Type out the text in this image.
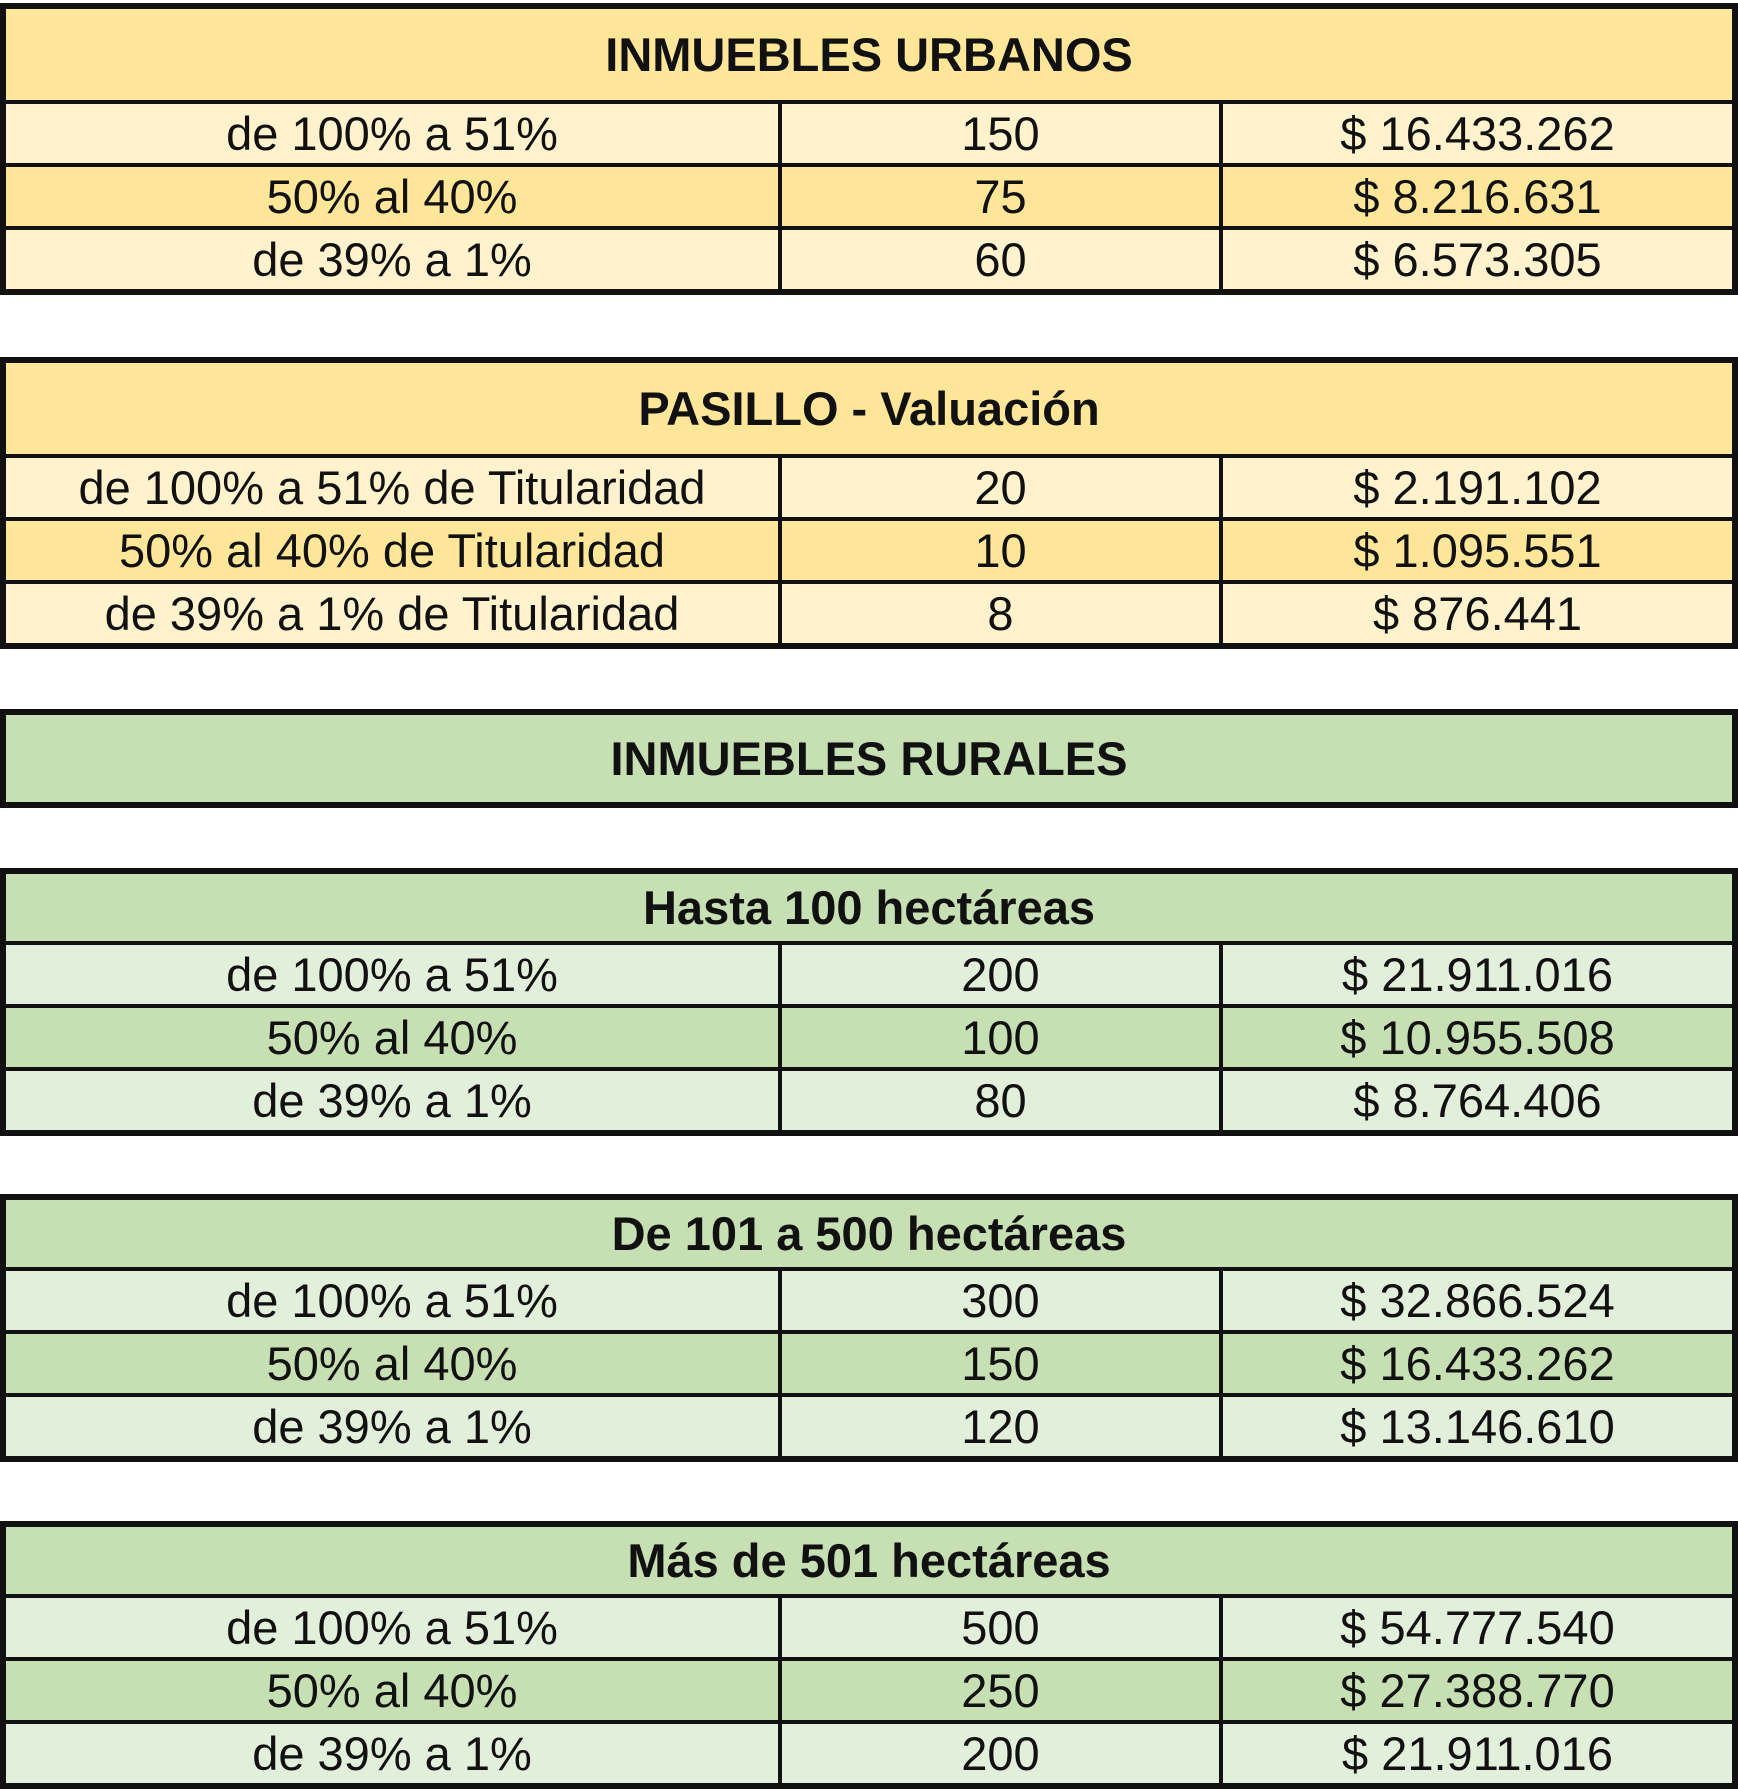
INMUEBLES URBANOS
de 100% a 51%	150	$ 16.433.262
50% al 40%	75	$ 8.216.631
de 39% a 1%	60	$ 6.573.305
PASILLO - Valuación
de 100% a 51% de Titularidad	20	$ 2.191.102
50% al 40% de Titularidad	10	$ 1.095.551
de 39% a 1% de Titularidad	8	$ 876.441
INMUEBLES RURALES
Hasta 100 hectáreas
de 100% a 51%	200	$ 21.911.016
50% al 40%	100	$ 10.955.508
de 39% a 1%	80	$ 8.764.406
De 101 a 500 hectáreas
de 100% a 51%	300	$ 32.866.524
50% al 40%	150	$ 16.433.262
de 39% a 1%	120	$ 13.146.610
Más de 501 hectáreas
de 100% a 51%	500	$ 54.777.540
50% al 40%	250	$ 27.388.770
de 39% a 1%	200	$ 21.911.016
